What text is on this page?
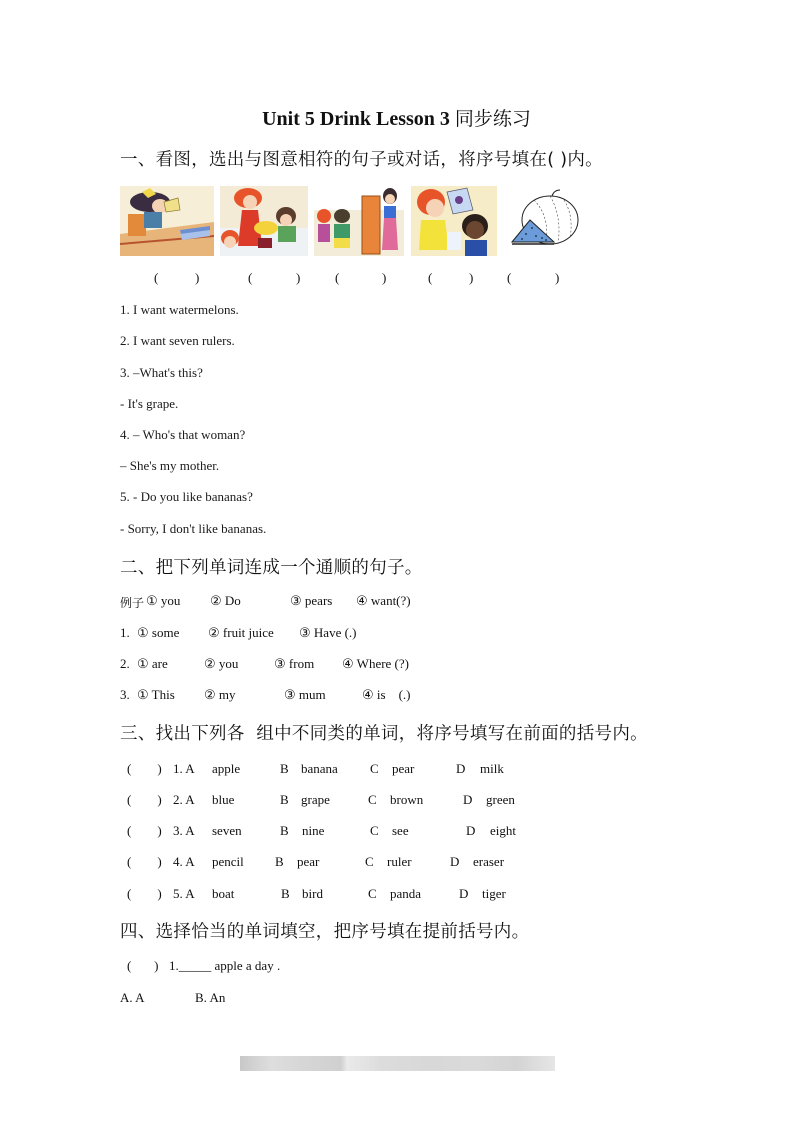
Unit 5 Drink Lesson 3 同步练习
一、看图，选出与图意相符的句子或对话，将序号填在( )内。
(	)	(	)	(	)	(	)	(	)
1. I want watermelons.
2. I want seven rulers.
3. –What's this?
- It's grape.
4. – Who's that woman?
– She's my mother.
5. - Do you like bananas?
- Sorry, I don't like bananas.
二、把下列单词连成一个通顺的句子。
例子 ① you ② Do	③ pears ④ want(?)
1. ① some ② fruit juice ③ Have (.)
2. ① are	② you	③ from ④ Where (?)
3. ① This ② my	③ mum	④ is    (.)
三、找出下列各  组中不同类的单词，将序号填写在前面的括号内。
(        ) 1. A apple	B banana C pear	D milk
(        ) 2. A blue	B grape	C brown	D green
(        ) 3. A seven	B nine	C see	D eight
(        ) 4. A pencil B pear	C ruler	D eraser
(        ) 5. A boat	B bird	C panda	D tiger
四、选择恰当的单词填空，把序号填在提前括号内。
(       ) 1._____ apple a day .
A. A	B. An
